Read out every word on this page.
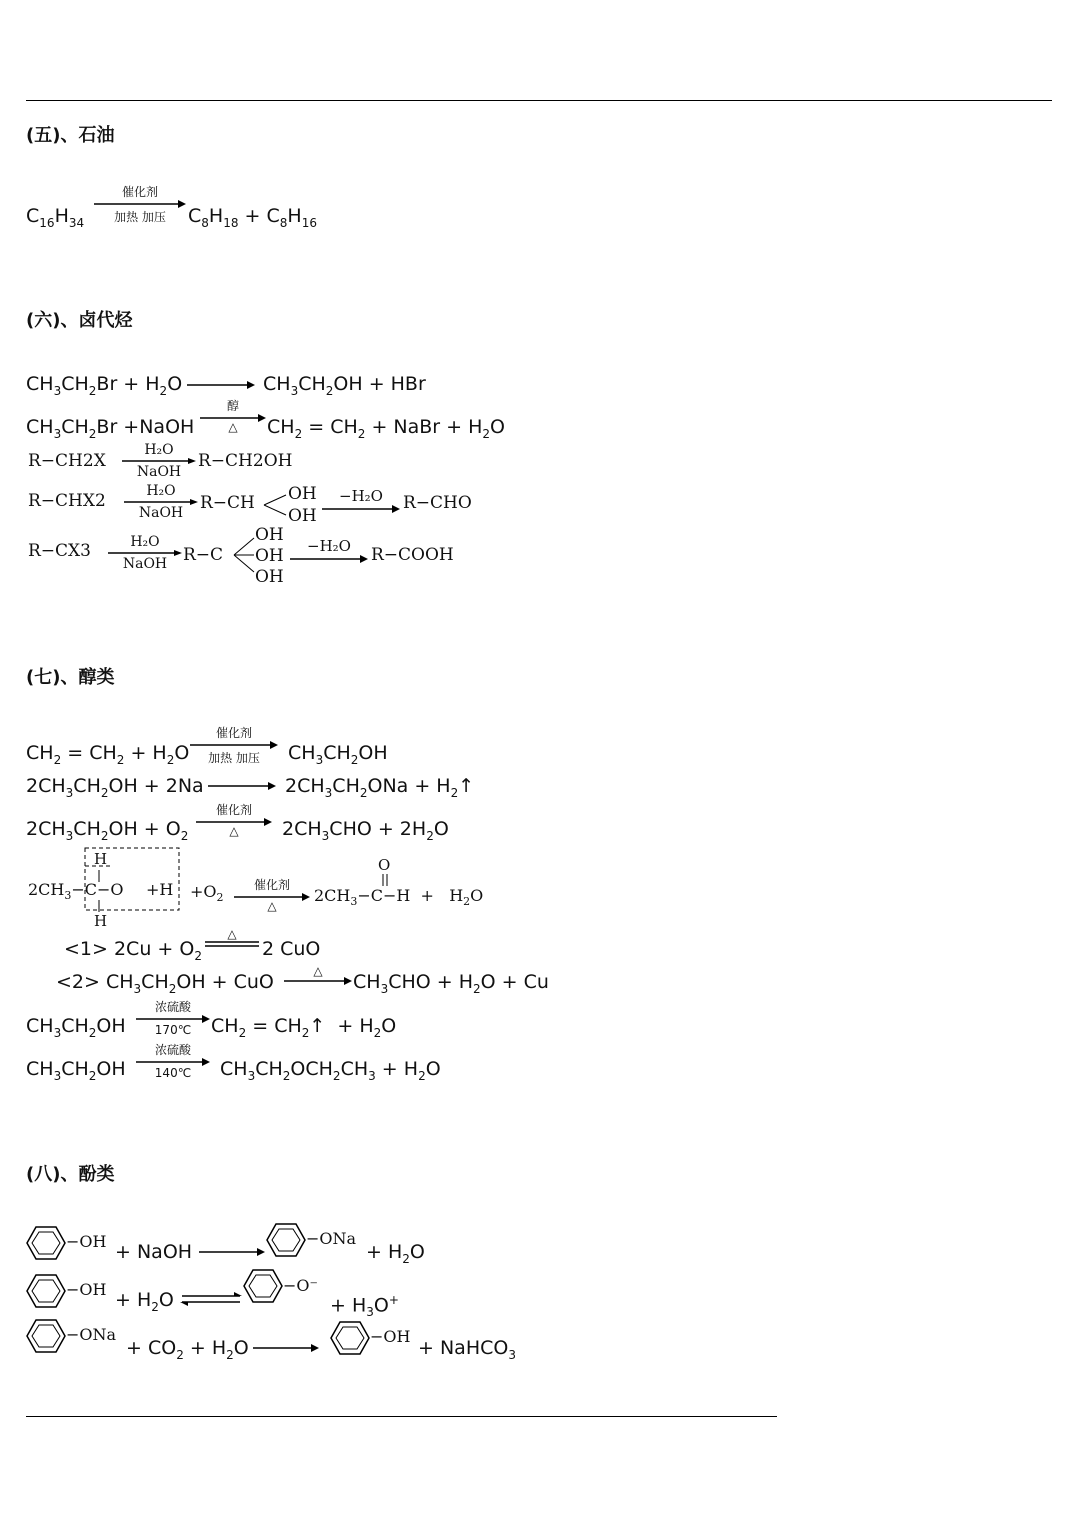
(五)、石油
$C_{16}H_{34}$
催化剂
加热 加压	$C_8H_{18} + C_8H_{16}$
(六)、卤代烃
$CH_3CH_2Br + H_2O$	$CH_3CH_2OH$ + HBr
$CH_3CH_2Br$ +NaOH
醇
△	$CH_2 = CH_2$ + NaBr + $H_2O$
R−CH2X
H₂O
NaOH
R−CH2OH
R−CHX2	H₂O
NaOH R−CH OH
OH
−H₂O	R−CHO
R−CX3	H₂O
NaOH R−C
OH
OH
OH
−H₂O	R−COOH
(七)、醇类
$CH_2 = CH_2 + H_2O$
催化剂
加热 加压	$CH_3CH_2OH$
$2CH_3CH_2OH + 2Na$	$2CH_3CH_2ONa$ + $H_2↑$
$2CH_3CH_2OH + O_2$
催化剂
△	$2CH_3CHO + 2H_2O$
$2CH_3-C-O$
H
H
$+H +O_2$
催化剂
△
O
$2CH_3-C-H + H_2O$
$<1> 2Cu + O_2$
△
2 CuO
$<2> CH_3CH_2OH$ + CuO	△	$CH_3CHO + H_2O + Cu$
$CH_3CH_2OH$
浓硫酸
170℃	$CH_2$ = $CH_2↑ + H_2O$
$CH_3CH_2OH$
浓硫酸
140℃	$CH_3CH_2OCH_2CH_3 + H_2O$
(八)、酚类
−OH + NaOH
−ONa
+ $H_2O$
$-OH + H_2O$ ⇌
−O⁻
+ $H_3O^+$
−ONa
+ $CO_2 + H_2O$
−OH
+ NaHCO$_3$
